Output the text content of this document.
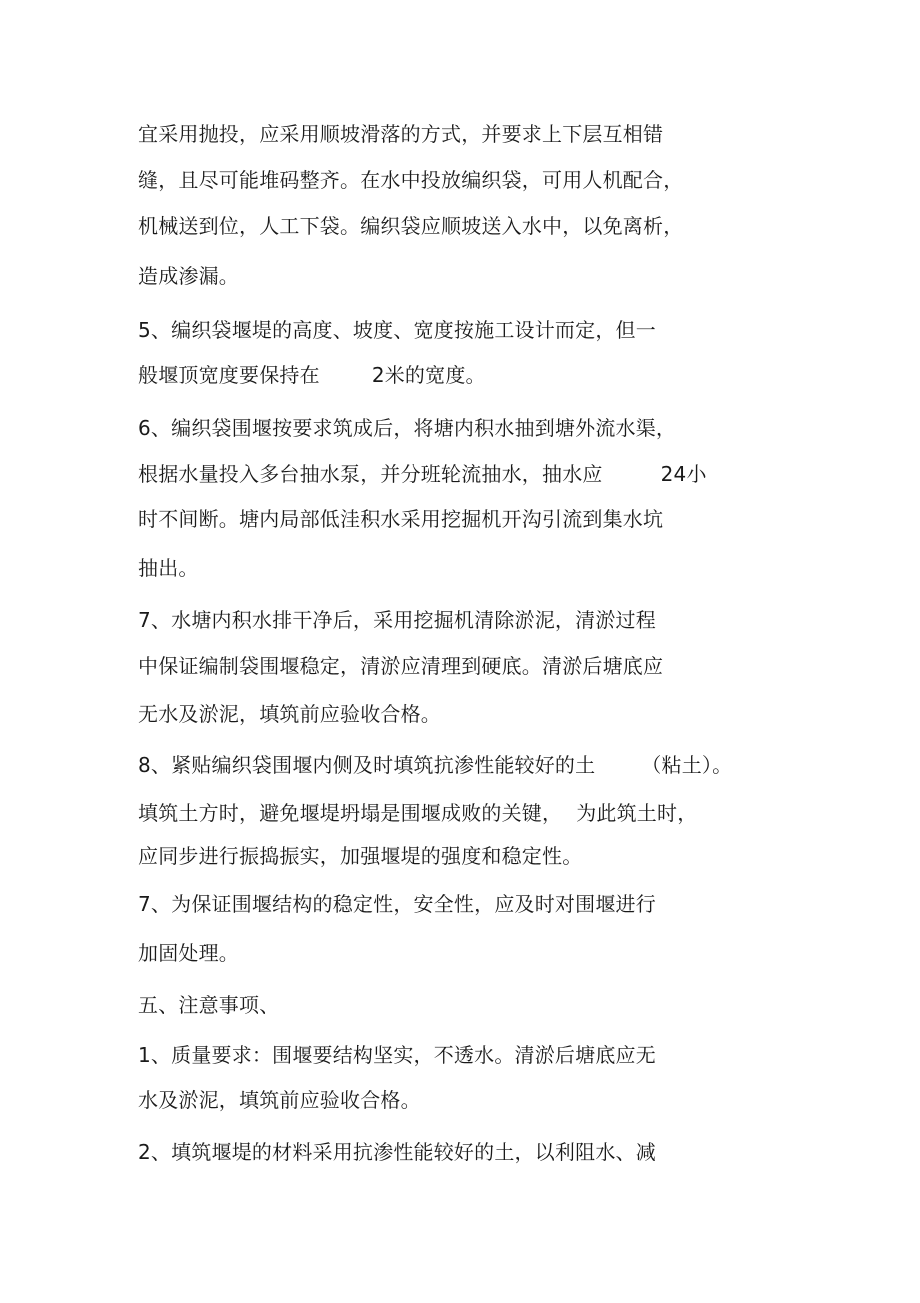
宜采用抛投，应采用顺坡滑落的方式，并要求上下层互相错
缝，且尽可能堆码整齐。在水中投放编织袋，可用人机配合，
机械送到位，人工下袋。编织袋应顺坡送入水中，以免离析，
造成渗漏。
5、编织袋堰堤的高度、坡度、宽度按施工设计而定，但一
般堰顶宽度要保持在	2米的宽度。
6、编织袋围堰按要求筑成后，将塘内积水抽到塘外流水渠，
根据水量投入多台抽水泵，并分班轮流抽水，抽水应	24小
时不间断。塘内局部低洼积水采用挖掘机开沟引流到集水坑
抽出。
7、水塘内积水排干净后，采用挖掘机清除淤泥，清淤过程
中保证编制袋围堰稳定，清淤应清理到硬底。清淤后塘底应
无水及淤泥，填筑前应验收合格。
8、紧贴编织袋围堰内侧及时填筑抗渗性能较好的土 （粘土）。
填筑土方时，避免堰堤坍塌是围堰成败的关键， 为此筑土时，
应同步进行振捣振实，加强堰堤的强度和稳定性。
7、为保证围堰结构的稳定性，安全性，应及时对围堰进行
加固处理。
五、注意事项、
1、质量要求：围堰要结构坚实，不透水。清淤后塘底应无
水及淤泥，填筑前应验收合格。
2、填筑堰堤的材料采用抗渗性能较好的土，以利阻水、减
